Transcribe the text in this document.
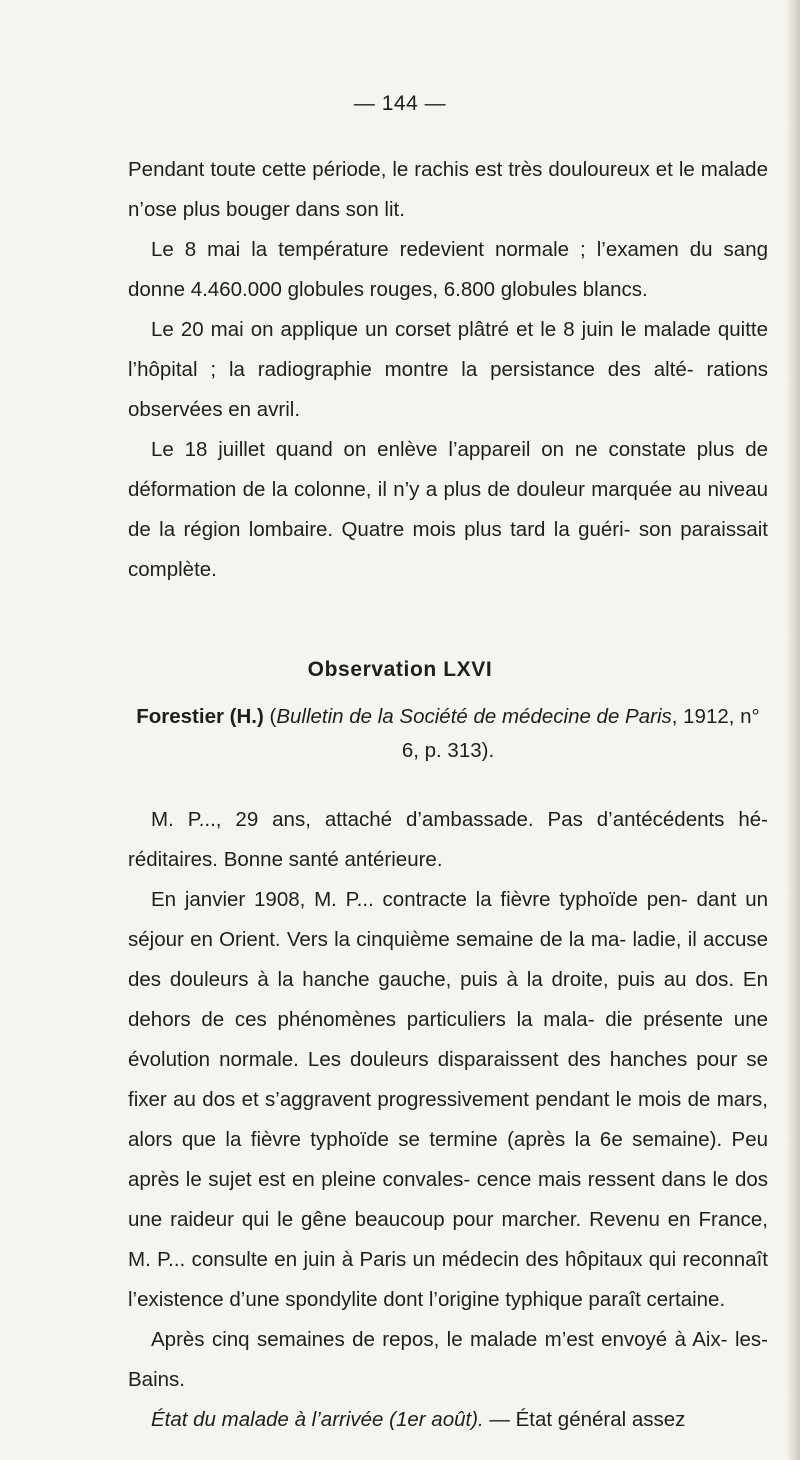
— 144 —

Pendant toute cette période, le rachis est très douloureux et le malade n’ose plus bouger dans son lit.

Le 8 mai la température redevient normale ; l’examen du sang donne 4.460.000 globules rouges, 6.800 globules blancs.

Le 20 mai on applique un corset plâtré et le 8 juin le malade quitte l’hôpital ; la radiographie montre la persistance des alté- rations observées en avril.

Le 18 juillet quand on enlève l’appareil on ne constate plus de déformation de la colonne, il n’y a plus de douleur marquée au niveau de la région lombaire. Quatre mois plus tard la guéri- son paraissait complète.

Observation LXVI
Forestier (H.) (Bulletin de la Société de médecine de Paris, 1912, n° 6, p. 313).

M. P..., 29 ans, attaché d’ambassade. Pas d’antécédents hé- réditaires. Bonne santé antérieure.

En janvier 1908, M. P... contracte la fièvre typhoïde pen- dant un séjour en Orient. Vers la cinquième semaine de la ma- ladie, il accuse des douleurs à la hanche gauche, puis à la droite, puis au dos. En dehors de ces phénomènes particuliers la mala- die présente une évolution normale. Les douleurs disparaissent des hanches pour se fixer au dos et s’aggravent progressivement pendant le mois de mars, alors que la fièvre typhoïde se termine (après la 6e semaine). Peu après le sujet est en pleine convales- cence mais ressent dans le dos une raideur qui le gêne beaucoup pour marcher. Revenu en France, M. P... consulte en juin à Paris un médecin des hôpitaux qui reconnaît l’existence d’une spondylite dont l’origine typhique paraît certaine.

Après cinq semaines de repos, le malade m’est envoyé à Aix- les-Bains.

État du malade à l’arrivée (1er août). — État général assez
